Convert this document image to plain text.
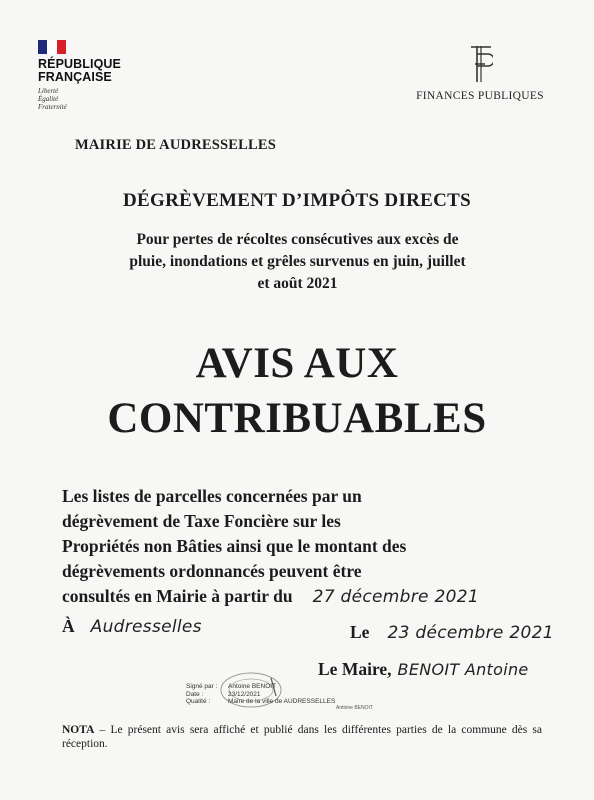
RÉPUBLIQUE
FRANÇAISE
Liberté
Égalité
Fraternité
FINANCES PUBLIQUES
MAIRIE DE AUDRESSELLES
DÉGRÈVEMENT D’IMPÔTS DIRECTS
Pour pertes de récoltes consécutives aux excès de
pluie, inondations et grêles survenus en juin, juillet
et août 2021
AVIS AUX
CONTRIBUABLES
Les listes de parcelles concernées par un
dégrèvement de Taxe Foncière sur les
Propriétés non Bâties ainsi que le montant des
dégrèvements ordonnancés peuvent être
consultés en Mairie à partir du 27 décembre 2021
À Audresselles	Le 23 décembre 2021
Le Maire, BENOIT Antoine
Signé par :	Antoine BENOIT
Date :	23/12/2021
Qualité :	Maire de la ville de AUDRESSELLES
Antoine BENOIT
NOTA – Le présent avis sera affiché et publié dans les différentes parties de la commune dès sa réception.
